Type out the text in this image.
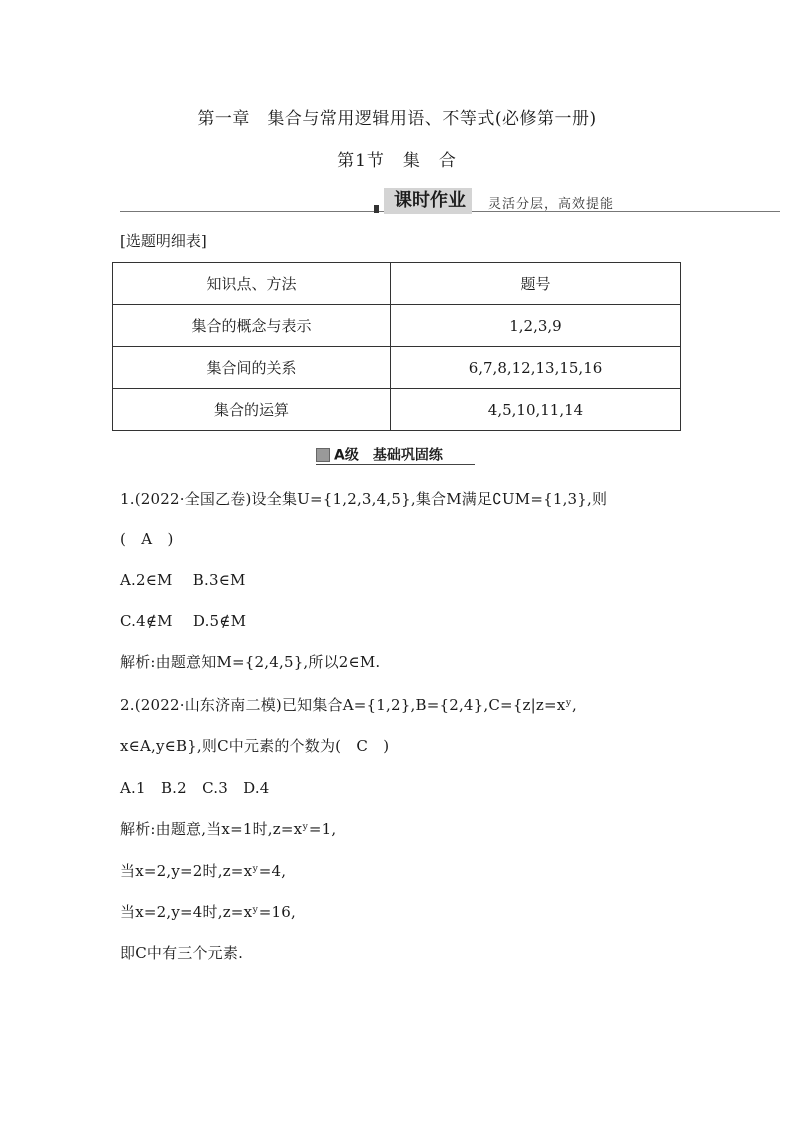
第一章　集合与常用逻辑用语、不等式(必修第一册)
第1节　集　合
课时作业	灵活分层，高效提能
[选题明细表]
知识点、方法	题号
集合的概念与表示	1,2,3,9
集合间的关系	6,7,8,12,13,15,16
集合的运算	4,5,10,11,14
A级　基础巩固练
1.(2022·全国乙卷)设全集U={1,2,3,4,5},集合M满足∁UM={1,3},则
(　A　)
A.2∈M　 B.3∈M
C.4∉M　 D.5∉M
解析:由题意知M={2,4,5},所以2∈M.
2.(2022·山东济南二模)已知集合A={1,2},B={2,4},C={z|z=xʸ,
x∈A,y∈B},则C中元素的个数为(　C　)
A.1　B.2　C.3　D.4
解析:由题意,当x=1时,z=xʸ=1,
当x=2,y=2时,z=xʸ=4,
当x=2,y=4时,z=xʸ=16,
即C中有三个元素.
